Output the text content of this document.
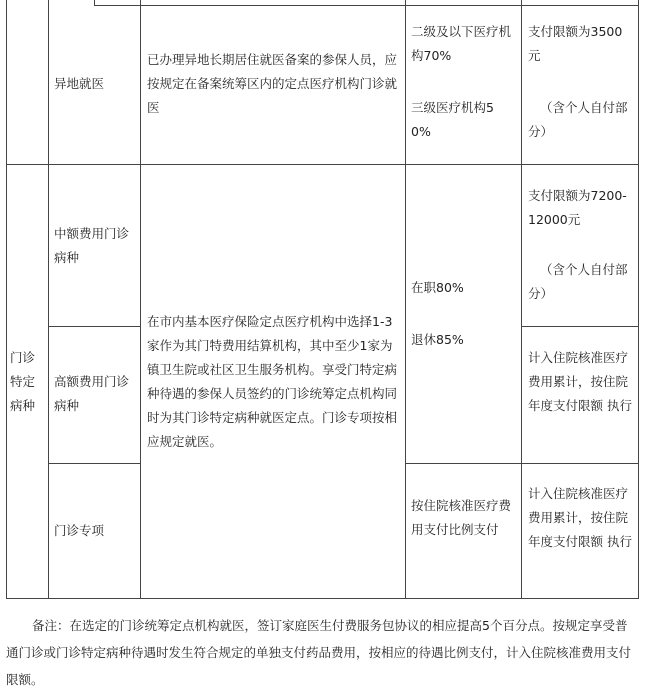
异地就医
已办理异地长期居住就医备案的参保人员，应按规定在备案统筹区内的定点医疗机构门诊就医
二级及以下医疗机构70%
三级医疗机构50%
支付限额为3500元
（含个人自付部分）
门诊特定病种
中额费用门诊病种
高额费用门诊病种
门诊专项
在市内基本医疗保险定点医疗机构中选择1-3家作为其门特费用结算机构，其中至少1家为镇卫生院或社区卫生服务机构。享受门特定病种待遇的参保人员签约的门诊统筹定点机构同时为其门诊特定病种就医定点。门诊专项按相应规定就医。
在职80%
退休85%
按住院核准医疗费用支付比例支付
支付限额为7200-12000元
（含个人自付部分）
计入住院核准医疗费用累计，按住院年度支付限额 执行
计入住院核准医疗费用累计，按住院年度支付限额 执行
备注：在选定的门诊统筹定点机构就医，签订家庭医生付费服务包协议的相应提高5个百分点。按规定享受普通门诊或门诊特定病种待遇时发生符合规定的单独支付药品费用，按相应的待遇比例支付，计入住院核准费用支付限额。
